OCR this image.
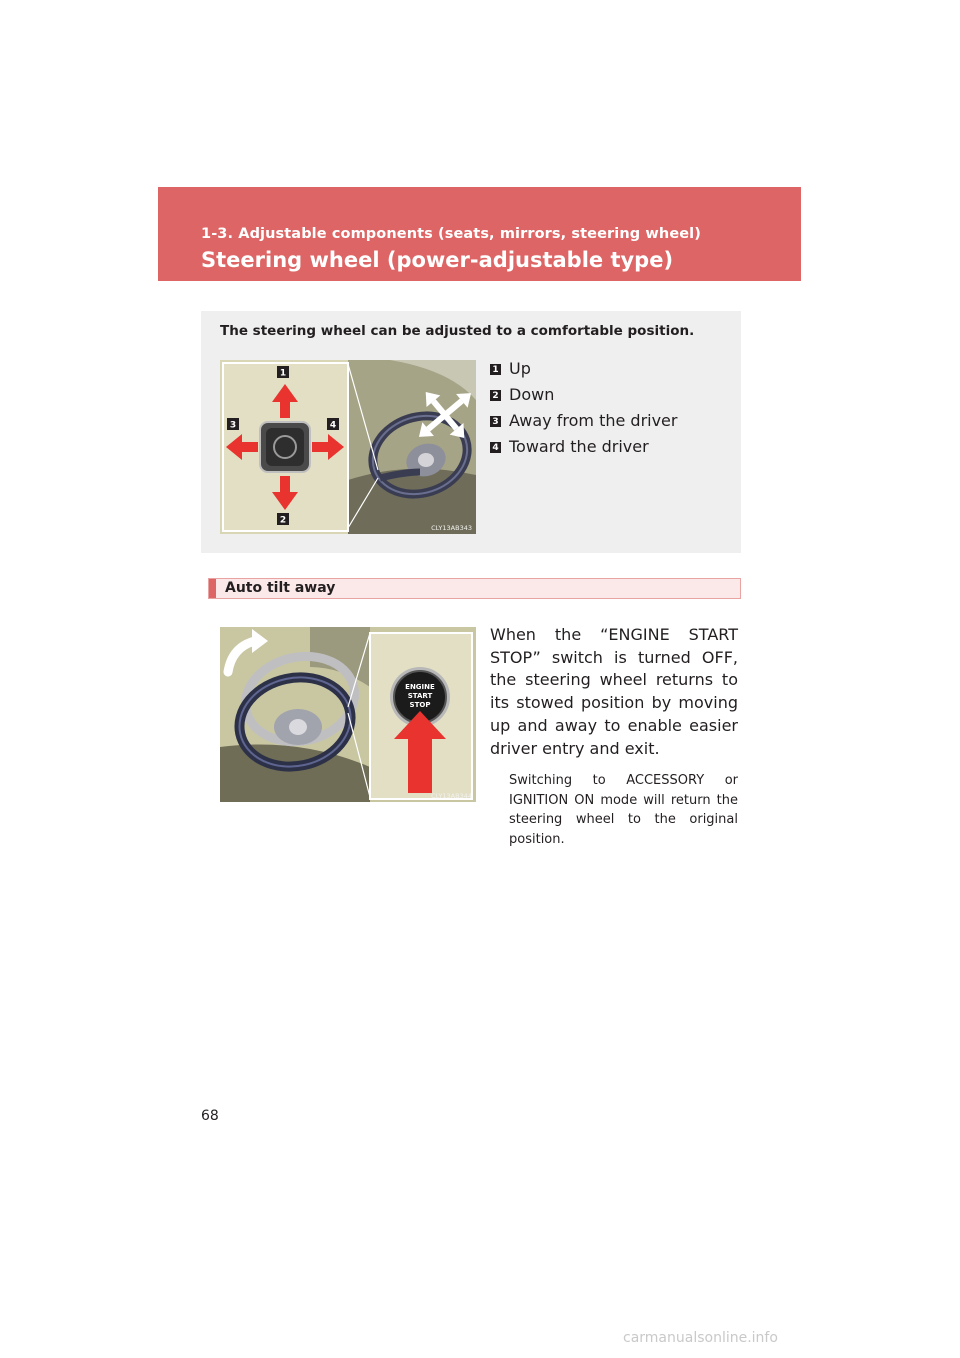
1-3. Adjustable components (seats, mirrors, steering wheel)
Steering wheel (power-adjustable type)
The steering wheel can be adjusted to a comfortable position.
1
2
3	4
CLY13AB343
1 Up
2 Down
3 Away from the driver
4 Toward the driver
Auto tilt away
ENGINE
START
STOP
CLY13AB344
When the “ENGINE START STOP” switch is turned OFF, the steering wheel returns to its stowed position by moving up and away to enable easier driver entry and exit.
Switching to ACCESSORY or IGNITION ON mode will return the steering wheel to the original position.
68
carmanualsonline.info
